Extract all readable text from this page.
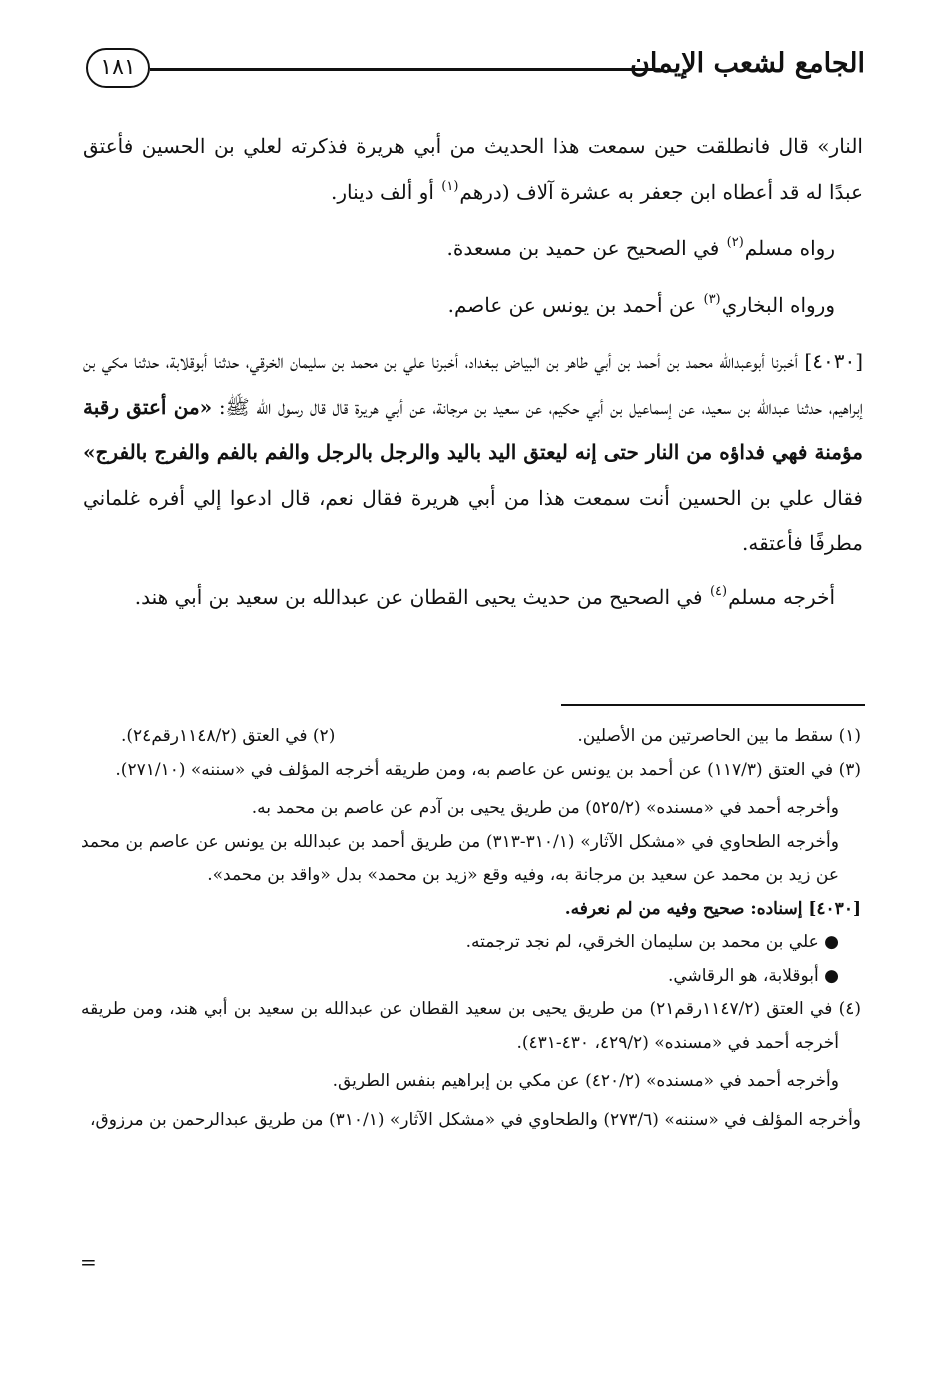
الجامع لشعب الإيمان
١٨١

النار» قال فانطلقت حين سمعت هذا الحديث من أبي هريرة فذكرته لعلي بن الحسين فأعتق عبدًا له قد أعطاه ابن جعفر به عشرة آلاف (درهم$^{(١)}$ أو ألف دينار.

رواه مسلم$^{(٢)}$ في الصحيح عن حميد بن مسعدة.

ورواه البخاري$^{(٣)}$ عن أحمد بن يونس عن عاصم.

[٤٠٣٠] أخبرنا أبوعبدالله محمد بن أحمد بن أبي طاهر بن البياض ببغداد، أخبرنا علي بن محمد بن سليمان الخرقي، حدثنا أبوقلابة، حدثنا مكي بن إبراهيم، حدثنا عبدالله بن سعيد، عن إسماعيل بن أبي حكيم، عن سعيد بن مرجانة، عن أبي هريرة قال قال رسول الله ﷺ: «من أعتق رقبة مؤمنة فهي فداؤه من النار حتى إنه ليعتق اليد باليد والرجل بالرجل والفم بالفم والفرج بالفرج» فقال علي بن الحسين أنت سمعت هذا من أبي هريرة فقال نعم، قال ادعوا إلي أفره غلماني مطرفًا فأعتقه.

أخرجه مسلم$^{(٤)}$ في الصحيح من حديث يحيى القطان عن عبدالله بن سعيد بن أبي هند.

(١) سقط ما بين الحاصرتين من الأصلين.
(٢) في العتق (١١٤٨/٢رقم٢٤).

(٣) في العتق (١١٧/٣) عن أحمد بن يونس عن عاصم به، ومن طريقه أخرجه المؤلف في «سننه» (٢٧١/١٠).

وأخرجه أحمد في «مسنده» (٥٢٥/٢) من طريق يحيى بن آدم عن عاصم بن محمد به.

وأخرجه الطحاوي في «مشكل الآثار» (٣١٠/١-٣١٣) من طريق أحمد بن عبدالله بن يونس عن عاصم بن محمد عن زيد بن محمد عن سعيد بن مرجانة به، وفيه وقع «زيد بن محمد» بدل «واقد بن محمد».

[٤٠٣٠] إسناده: صحيح وفيه من لم نعرفه.

● علي بن محمد بن سليمان الخرقي، لم نجد ترجمته.

● أبوقلابة، هو الرقاشي.

(٤) في العتق (١١٤٧/٢رقم٢١) من طريق يحيى بن سعيد القطان عن عبدالله بن سعيد بن أبي هند، ومن طريقه أخرجه أحمد في «مسنده» (٤٢٩/٢، ٤٣٠-٤٣١).

وأخرجه أحمد في «مسنده» (٤٢٠/٢) عن مكي بن إبراهيم بنفس الطريق.

وأخرجه المؤلف في «سننه» (٢٧٣/٦) والطحاوي في «مشكل الآثار» (٣١٠/١) من طريق عبدالرحمن بن مرزوق،

=
